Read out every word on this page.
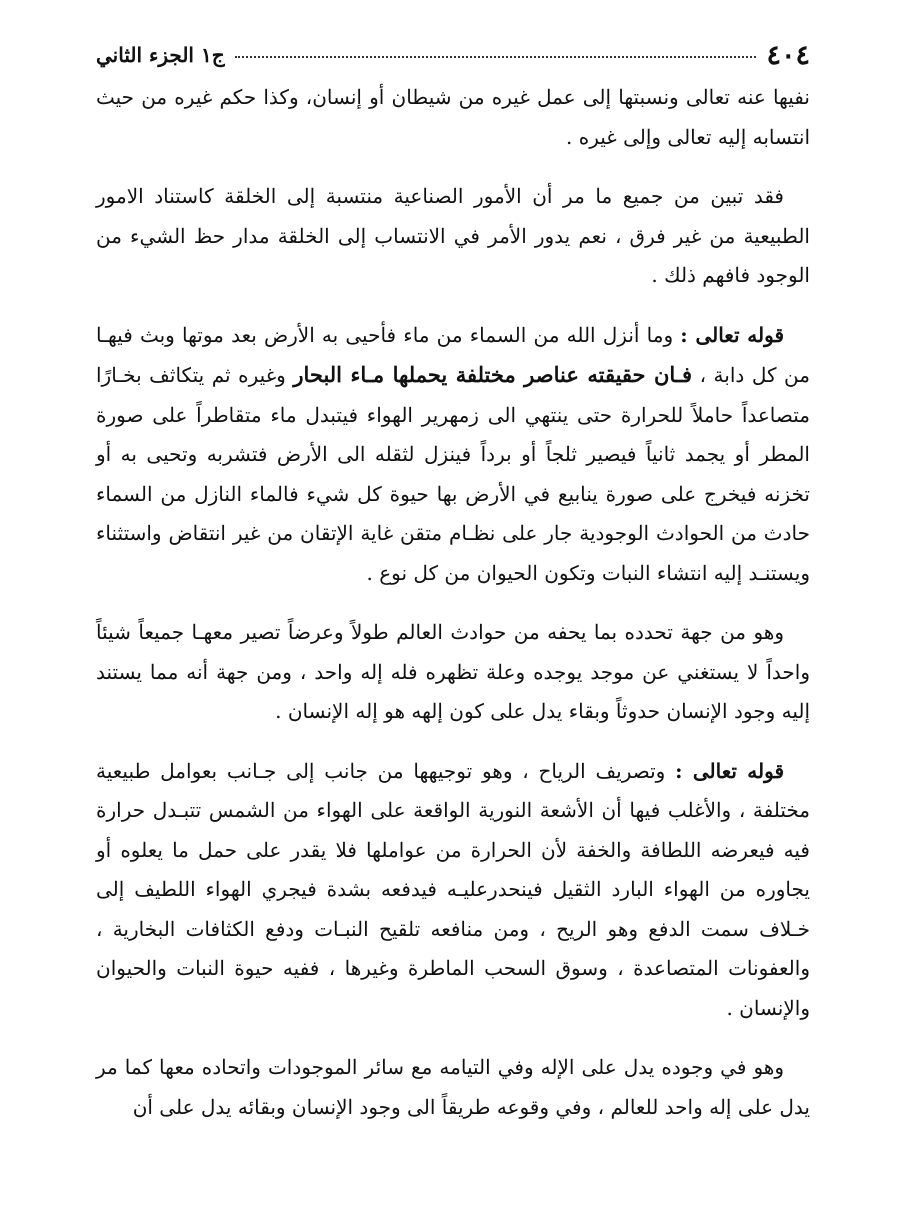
٤٠٤
ج١ الجزء الثاني

نفيها عنه تعالى ونسبتها إلى عمل غيره من شيطان أو إنسان، وكذا حكم غيره من حيث انتسابه إليه تعالى وإلى غيره .

فقد تبين من جميع ما مر أن الأمور الصناعية منتسبة إلى الخلقة كاستناد الامور الطبيعية من غير فرق ، نعم يدور الأمر في الانتساب إلى الخلقة مدار حظ الشيء من الوجود فافهم ذلك .

قوله تعالى : وما أنزل الله من السماء من ماء فأحيى به الأرض بعد موتها وبث فيهـا من كل دابة ، فـان حقيقته عناصر مختلفة يحملها مـاء البحار وغيره ثم يتكاثف بخـارًا متصاعداً حاملاً للحرارة حتى ينتهي الى زمهرير الهواء فيتبدل ماء متقاطراً على صورة المطر أو يجمد ثانياً فيصير ثلجاً أو برداً فينزل لثقله الى الأرض فتشربه وتحيى به أو تخزنه فيخرج على صورة ينابيع في الأرض بها حيوة كل شيء فالماء النازل من السماء حادث من الحوادث الوجودية جار على نظـام متقن غاية الإتقان من غير انتقاض واستثناء ويستنـد إليه انتشاء النبات وتكون الحيوان من كل نوع .

وهو من جهة تحدده بما يحفه من حوادث العالم طولاً وعرضاً تصير معهـا جميعاً شيئاً واحداً لا يستغني عن موجد يوجده وعلة تظهره فله إله واحد ، ومن جهة أنه مما يستند إليه وجود الإنسان حدوثاً وبقاء يدل على كون إلهه هو إله الإنسان .

قوله تعالى : وتصريف الرياح ، وهو توجيهها من جانب إلى جـانب بعوامل طبيعية مختلفة ، والأغلب فيها أن الأشعة النورية الواقعة على الهواء من الشمس تتبـدل حرارة فيه فيعرضه اللطافة والخفة لأن الحرارة من عواملها فلا يقدر على حمل ما يعلوه أو يجاوره من الهواء البارد الثقيل فينحدرعليـه فيدفعه بشدة فيجري الهواء اللطيف إلى خـلاف سمت الدفع وهو الريح ، ومن منافعه تلقيح النبـات ودفع الكثافات البخارية ، والعفونات المتصاعدة ، وسوق السحب الماطرة وغيرها ، ففيه حيوة النبات والحيوان والإنسان .

وهو في وجوده يدل على الإله وفي التيامه مع سائر الموجودات واتحاده معها كما مر يدل على إله واحد للعالم ، وفي وقوعه طريقاً الى وجود الإنسان وبقائه يدل على أن
